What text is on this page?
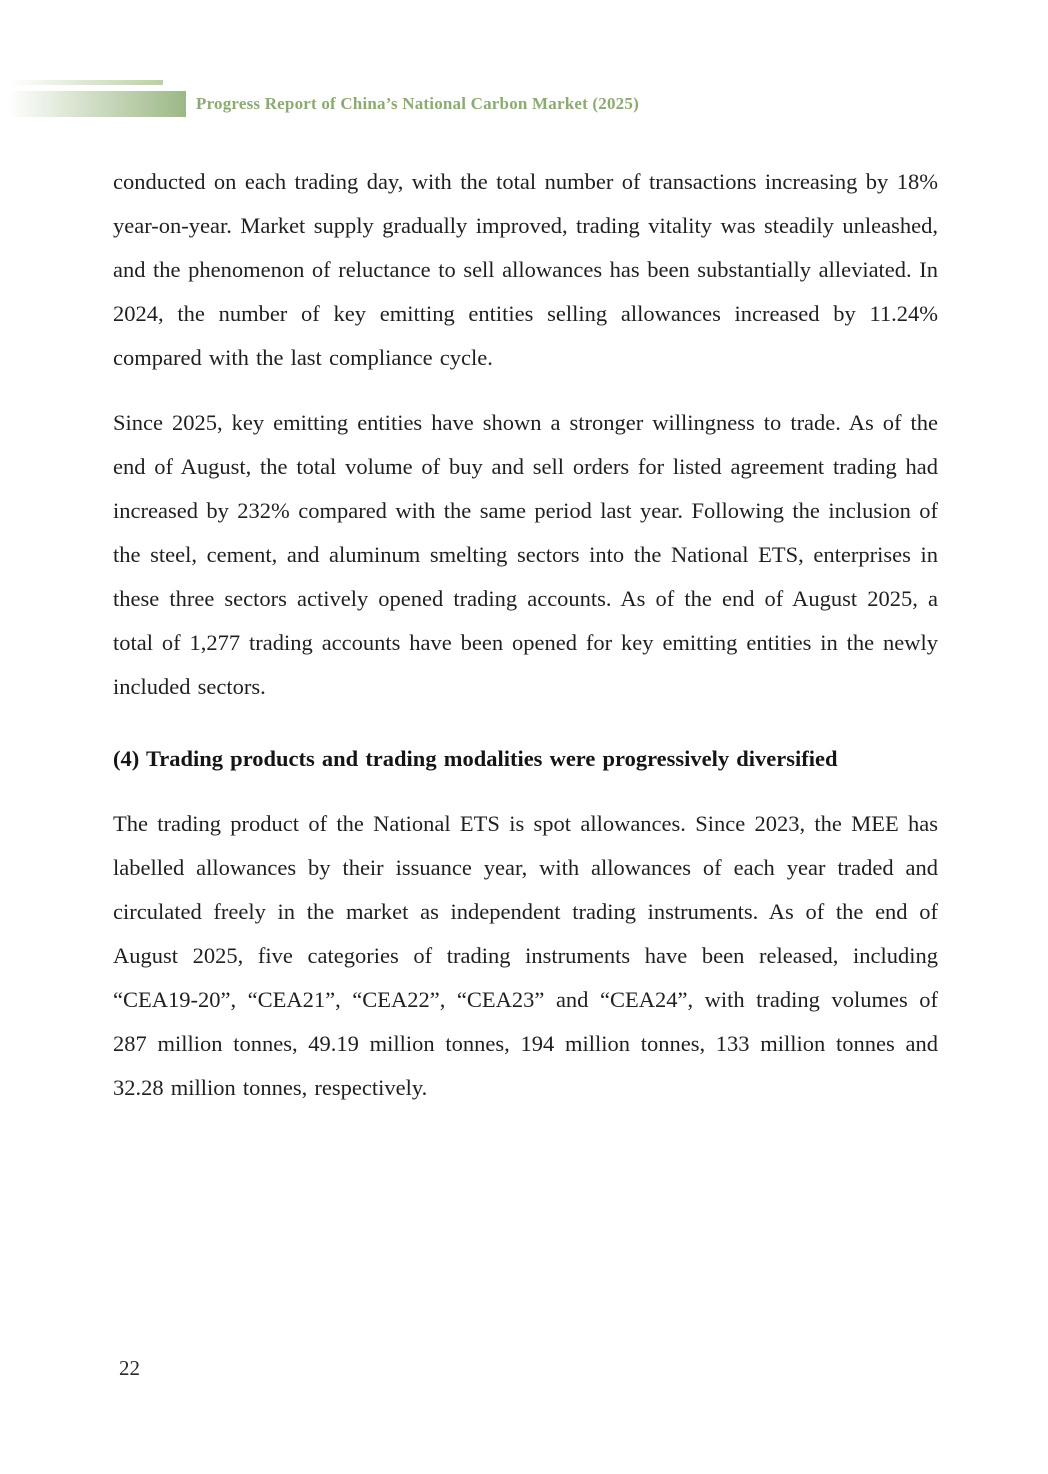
Progress Report of China’s National Carbon Market (2025)

conducted on each trading day, with the total number of transactions increasing by 18% year-on-year. Market supply gradually improved, trading vitality was steadily unleashed, and the phenomenon of reluctance to sell allowances has been substantially alleviated. In 2024, the number of key emitting entities selling allowances increased by 11.24% compared with the last compliance cycle.

Since 2025, key emitting entities have shown a stronger willingness to trade. As of the end of August, the total volume of buy and sell orders for listed agreement trading had increased by 232% compared with the same period last year. Following the inclusion of the steel, cement, and aluminum smelting sectors into the National ETS, enterprises in these three sectors actively opened trading accounts. As of the end of August 2025, a total of 1,277 trading accounts have been opened for key emitting entities in the newly included sectors.

(4) Trading products and trading modalities were progressively diversified

The trading product of the National ETS is spot allowances. Since 2023, the MEE has labelled allowances by their issuance year, with allowances of each year traded and circulated freely in the market as independent trading instruments. As of the end of August 2025, five categories of trading instruments have been released, including “CEA19-20”, “CEA21”, “CEA22”, “CEA23” and “CEA24”, with trading volumes of 287 million tonnes, 49.19 million tonnes, 194 million tonnes, 133 million tonnes and 32.28 million tonnes, respectively.

22
